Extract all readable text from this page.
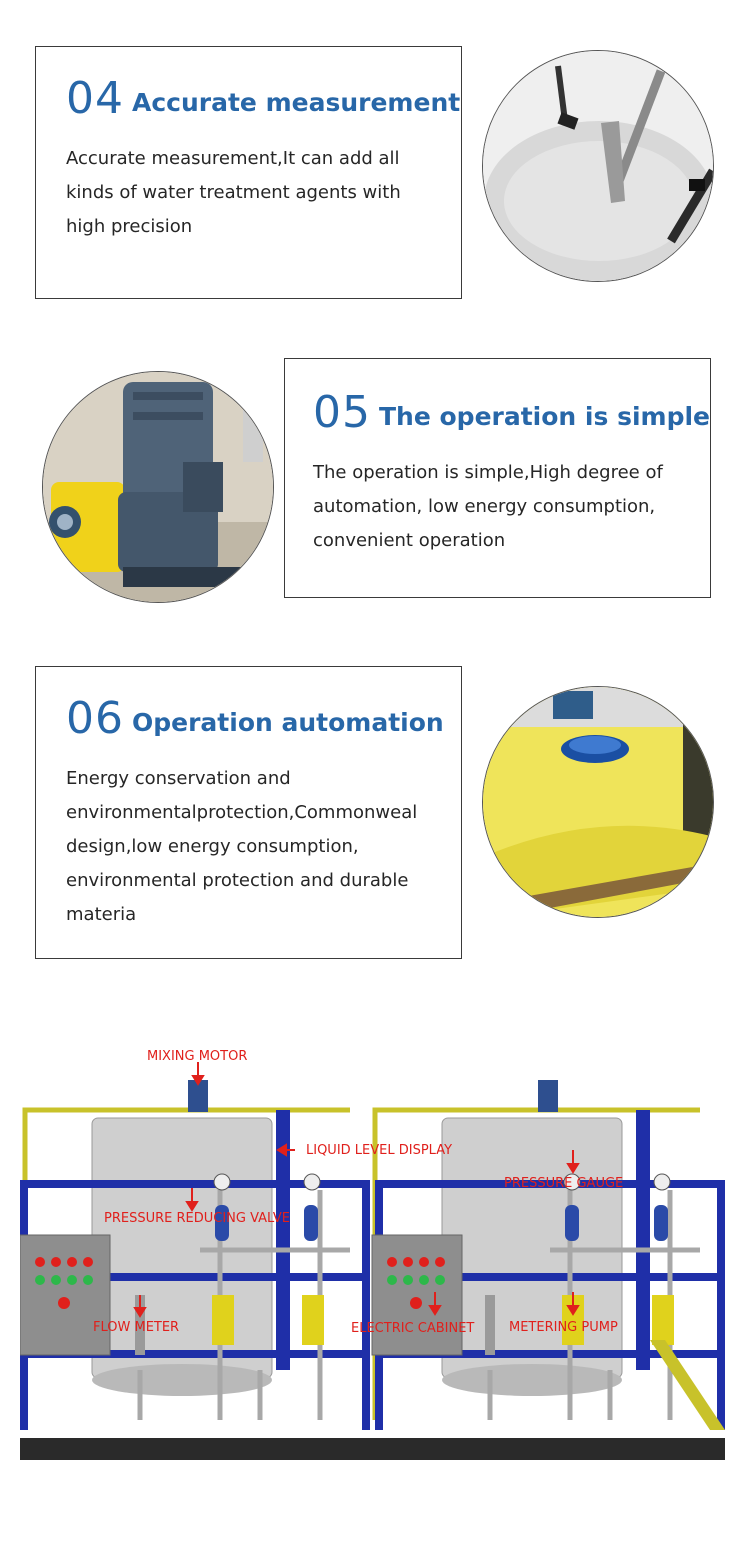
04 Accurate measurement

Accurate measurement,It can add all kinds of water treatment agents with high precision

05 The operation is simple

The operation is simple,High degree of automation, low energy consumption, convenient operation

06 Operation automation

Energy conservation and environmentalprotection,Commonweal design,low energy consumption, environmental protection and durable materia

MIXING MOTOR
LIQUID LEVEL DISPLAY
PRESSURE GAUGE
PRESSURE REDUCING VALVE
FLOW METER	ELECTRIC CABINET	METERING PUMP
